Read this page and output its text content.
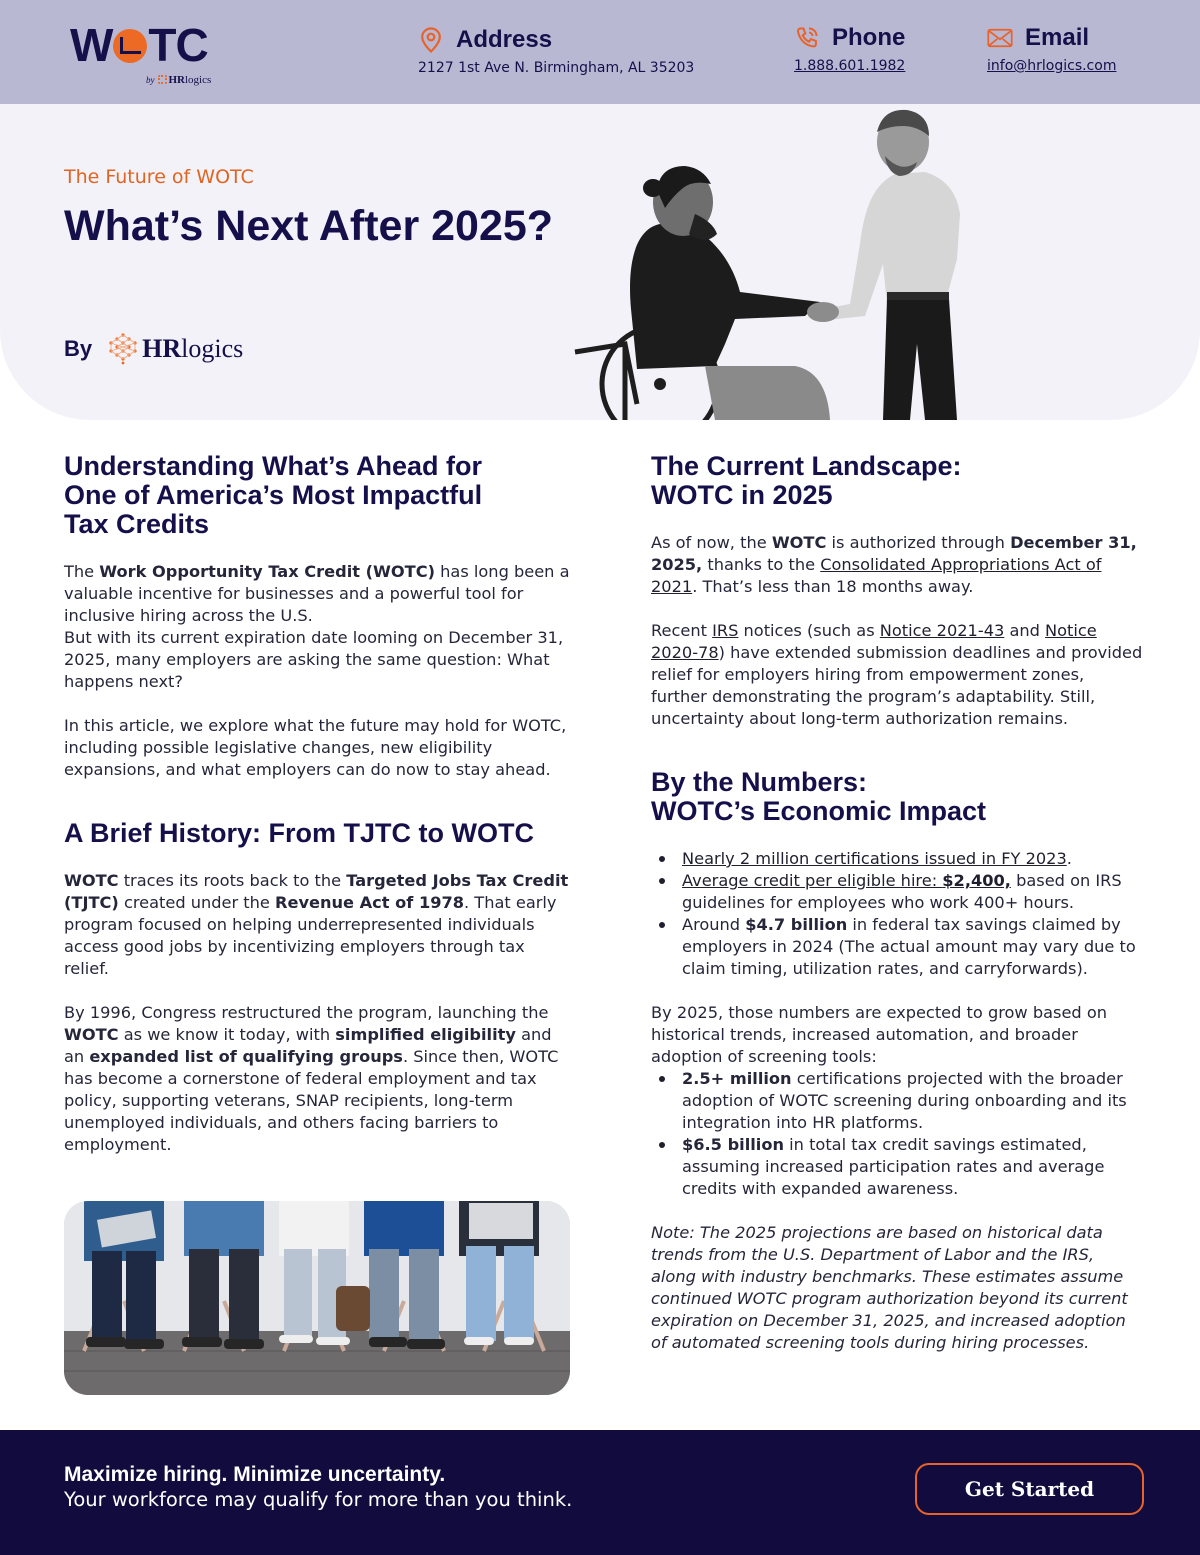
W TC
by HRlogics
Address
2127 1st Ave N. Birmingham, AL 35203
Phone
1.888.601.1982
Email
info@hrlogics.com
The Future of WOTC
What’s Next After 2025?
By HRlogics
Understanding What’s Ahead for One of America’s Most Impactful Tax Credits

The Work Opportunity Tax Credit (WOTC) has long been a valuable incentive for businesses and a powerful tool for inclusive hiring across the U.S.

But with its current expiration date looming on December 31, 2025, many employers are asking the same question: What happens next?

In this article, we explore what the future may hold for WOTC, including possible legislative changes, new eligibility expansions, and what employers can do now to stay ahead.

A Brief History: From TJTC to WOTC

WOTC traces its roots back to the Targeted Jobs Tax Credit (TJTC) created under the Revenue Act of 1978. That early program focused on helping underrepresented individuals access good jobs by incentivizing employers through tax relief.

By 1996, Congress restructured the program, launching the WOTC as we know it today, with simplified eligibility and an expanded list of qualifying groups. Since then, WOTC has become a cornerstone of federal employment and tax policy, supporting veterans, SNAP recipients, long-term unemployed individuals, and others facing barriers to employment.

The Current Landscape:
WOTC in 2025

As of now, the WOTC is authorized through December 31, 2025, thanks to the Consolidated Appropriations Act of 2021. That’s less than 18 months away.

Recent IRS notices (such as Notice 2021-43 and Notice 2020-78) have extended submission deadlines and provided relief for employers hiring from empowerment zones, further demonstrating the program’s adaptability. Still, uncertainty about long-term authorization remains.

By the Numbers:
WOTC’s Economic Impact
Nearly 2 million certifications issued in FY 2023.
Average credit per eligible hire: $2,400, based on IRS guidelines for employees who work 400+ hours.
Around $4.7 billion in federal tax savings claimed by employers in 2024 (The actual amount may vary due to claim timing, utilization rates, and carryforwards).

By 2025, those numbers are expected to grow based on historical trends, increased automation, and broader adoption of screening tools:

2.5+ million certifications projected with the broader adoption of WOTC screening during onboarding and its integration into HR platforms.
$6.5 billion in total tax credit savings estimated, assuming increased participation rates and average credits with expanded awareness.

Note: The 2025 projections are based on historical data trends from the U.S. Department of Labor and the IRS, along with industry benchmarks. These estimates assume continued WOTC program authorization beyond its current expiration on December 31, 2025, and increased adoption of automated screening tools during hiring processes.

Maximize hiring. Minimize uncertainty.
Your workforce may qualify for more than you think.	Get Started
